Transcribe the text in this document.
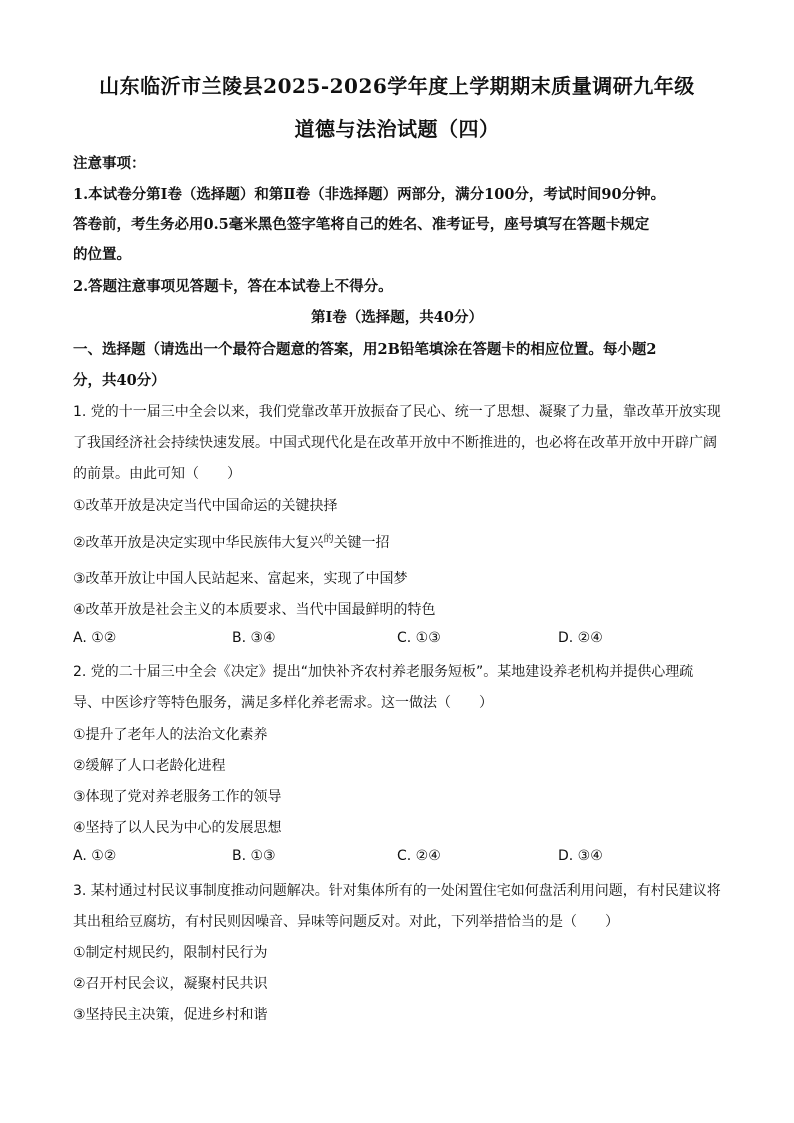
山东临沂市兰陵县2025-2026学年度上学期期末质量调研九年级
道德与法治试题（四）
注意事项：
1.本试卷分第Ⅰ卷（选择题）和第Ⅱ卷（非选择题）两部分，满分100分，考试时间90分钟。
答卷前，考生务必用0.5毫米黑色签字笔将自己的姓名、准考证号，座号填写在答题卡规定
的位置。
2.答题注意事项见答题卡，答在本试卷上不得分。
第Ⅰ卷（选择题，共40分）
一、选择题（请选出一个最符合题意的答案，用2B铅笔填涂在答题卡的相应位置。每小题2
分，共40分）
1. 党的十一届三中全会以来，我们党靠改革开放振奋了民心、统一了思想、凝聚了力量，靠改革开放实现
了我国经济社会持续快速发展。中国式现代化是在改革开放中不断推进的，也必将在改革开放中开辟广阔
的前景。由此可知（　　）
①改革开放是决定当代中国命运的关键抉择
②改革开放是决定实现中华民族伟大复兴$^的$关键一招
③改革开放让中国人民站起来、富起来，实现了中国梦
④改革开放是社会主义的本质要求、当代中国最鲜明的特色
A. ①②	B. ③④	C. ①③	D. ②④
2. 党的二十届三中全会《决定》提出“加快补齐农村养老服务短板”。某地建设养老机构并提供心理疏
导、中医诊疗等特色服务，满足多样化养老需求。这一做法（　　）
①提升了老年人的法治文化素养
②缓解了人口老龄化进程
③体现了党对养老服务工作的领导
④坚持了以人民为中心的发展思想
A. ①②	B. ①③	C. ②④	D. ③④
3. 某村通过村民议事制度推动问题解决。针对集体所有的一处闲置住宅如何盘活利用问题，有村民建议将
其出租给豆腐坊，有村民则因噪音、异味等问题反对。对此，下列举措恰当的是（　　）
①制定村规民约，限制村民行为
②召开村民会议，凝聚村民共识
③坚持民主决策，促进乡村和谐
